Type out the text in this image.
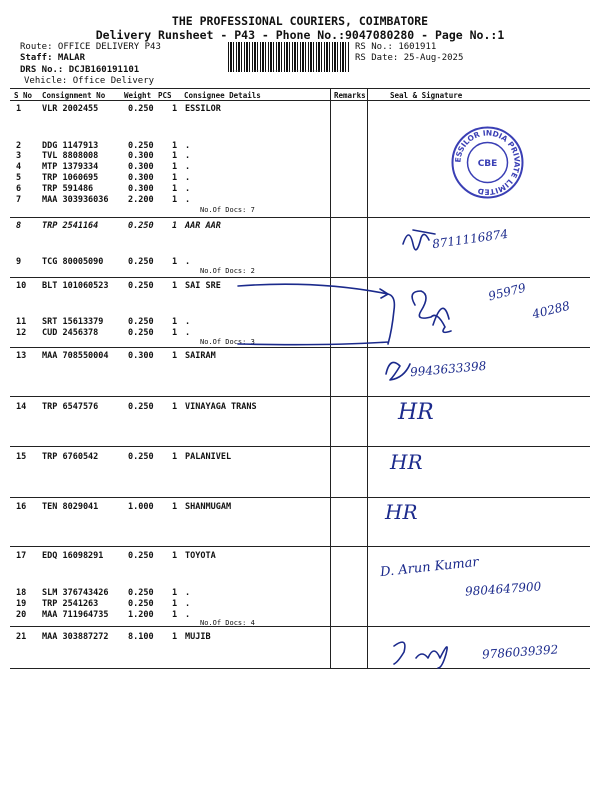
THE PROFESSIONAL COURIERS, COIMBATORE
Delivery Runsheet - P43 - Phone No.:9047080280 - Page No.:1
Route: OFFICE DELIVERY P43
Staff: MALAR
DRS No.: DCJB160191101
Vehicle: Office Delivery
RS No.: 1601911
RS Date: 25-Aug-2025
S No Consignment No	Weight PCS Consignee Details	Remarks	Seal & Signature
1 VLR 2002455	0.250 1 ESSILOR
2 DDG 1147913	0.250 1 .
3 TVL 8808008	0.300 1 .
4 MTP 1379334	0.300 1 .
5 TRP 1060695	0.300 1 .
6 TRP 591486	0.300 1 .
7 MAA 303936036 2.200 1 .
No.Of Docs: 7
8 TRP 2541164	0.250 1 AAR AAR
9 TCG 80005090	0.250 1 .
No.Of Docs: 2
10 BLT 101060523 0.250 1 SAI SRE
11 SRT 15613379	0.250 1 .
12 CUD 2456378	0.250 1 .
No.Of Docs: 3
13 MAA 708550004 0.300 1 SAIRAM
14 TRP 6547576	0.250 1 VINAYAGA TRANS
15 TRP 6760542	0.250 1 PALANIVEL
16 TEN 8029041	1.000 1 SHANMUGAM
17 EDQ 16098291	0.250 1 TOYOTA
18 SLM 376743426 0.250 1 .
19 TRP 2541263	0.250 1 .
20 MAA 711964735 1.200 1 .
No.Of Docs: 4
21 MAA 303887272 8.100 1 MUJIB
ESSILOR INDIA PRIVATE LIMITED
CBE
8711116874
95979
40288
9943633398
HR
HR
HR
D. Arun Kumar
9804647900
9786039392
